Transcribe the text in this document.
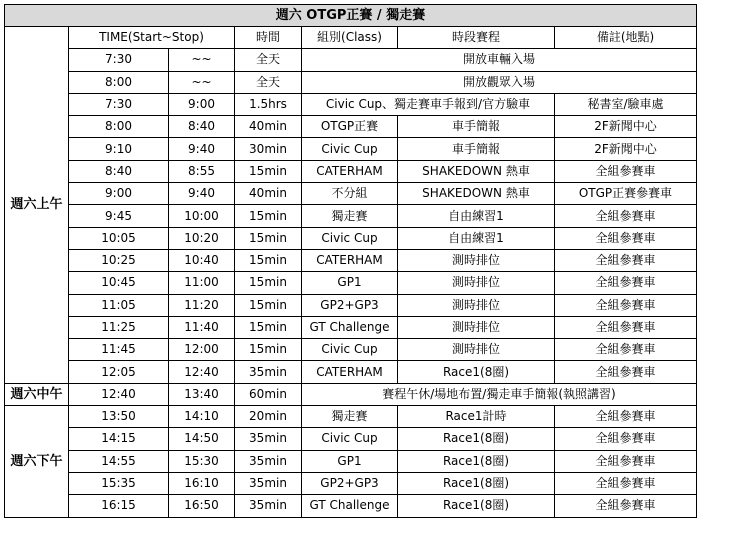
週六 OTGP正賽 / 獨走賽						
週六上午	TIME(Start~Stop)		時間	組別(Class)	時段賽程	備註(地點)
	7:30	~~	全天	開放車輛入場		
	8:00	~~	全天	開放觀眾入場		
	7:30	9:00	1.5hrs	Civic Cup、獨走賽車手報到/官方驗車		秘書室/驗車處
	8:00	8:40	40min	OTGP正賽	車手簡報	2F新聞中心
	9:10	9:40	30min	Civic Cup	車手簡報	2F新聞中心
	8:40	8:55	15min	CATERHAM	SHAKEDOWN 熱車	全組參賽車
	9:00	9:40	40min	不分組	SHAKEDOWN 熱車	OTGP正賽參賽車
	9:45	10:00	15min	獨走賽	自由練習1	全組參賽車
	10:05	10:20	15min	Civic Cup	自由練習1	全組參賽車
	10:25	10:40	15min	CATERHAM	測時排位	全組參賽車
	10:45	11:00	15min	GP1	測時排位	全組參賽車
	11:05	11:20	15min	GP2+GP3	測時排位	全組參賽車
	11:25	11:40	15min	GT Challenge	測時排位	全組參賽車
	11:45	12:00	15min	Civic Cup	測時排位	全組參賽車
	12:05	12:40	35min	CATERHAM	Race1(8圈)	全組參賽車
週六中午	12:40	13:40	60min	賽程午休/場地布置/獨走車手簡報(執照講習)		
週六下午	13:50	14:10	20min	獨走賽	Race1計時	全組參賽車
	14:15	14:50	35min	Civic Cup	Race1(8圈)	全組參賽車
	14:55	15:30	35min	GP1	Race1(8圈)	全組參賽車
	15:35	16:10	35min	GP2+GP3	Race1(8圈)	全組參賽車
	16:15	16:50	35min	GT Challenge	Race1(8圈)	全組參賽車
